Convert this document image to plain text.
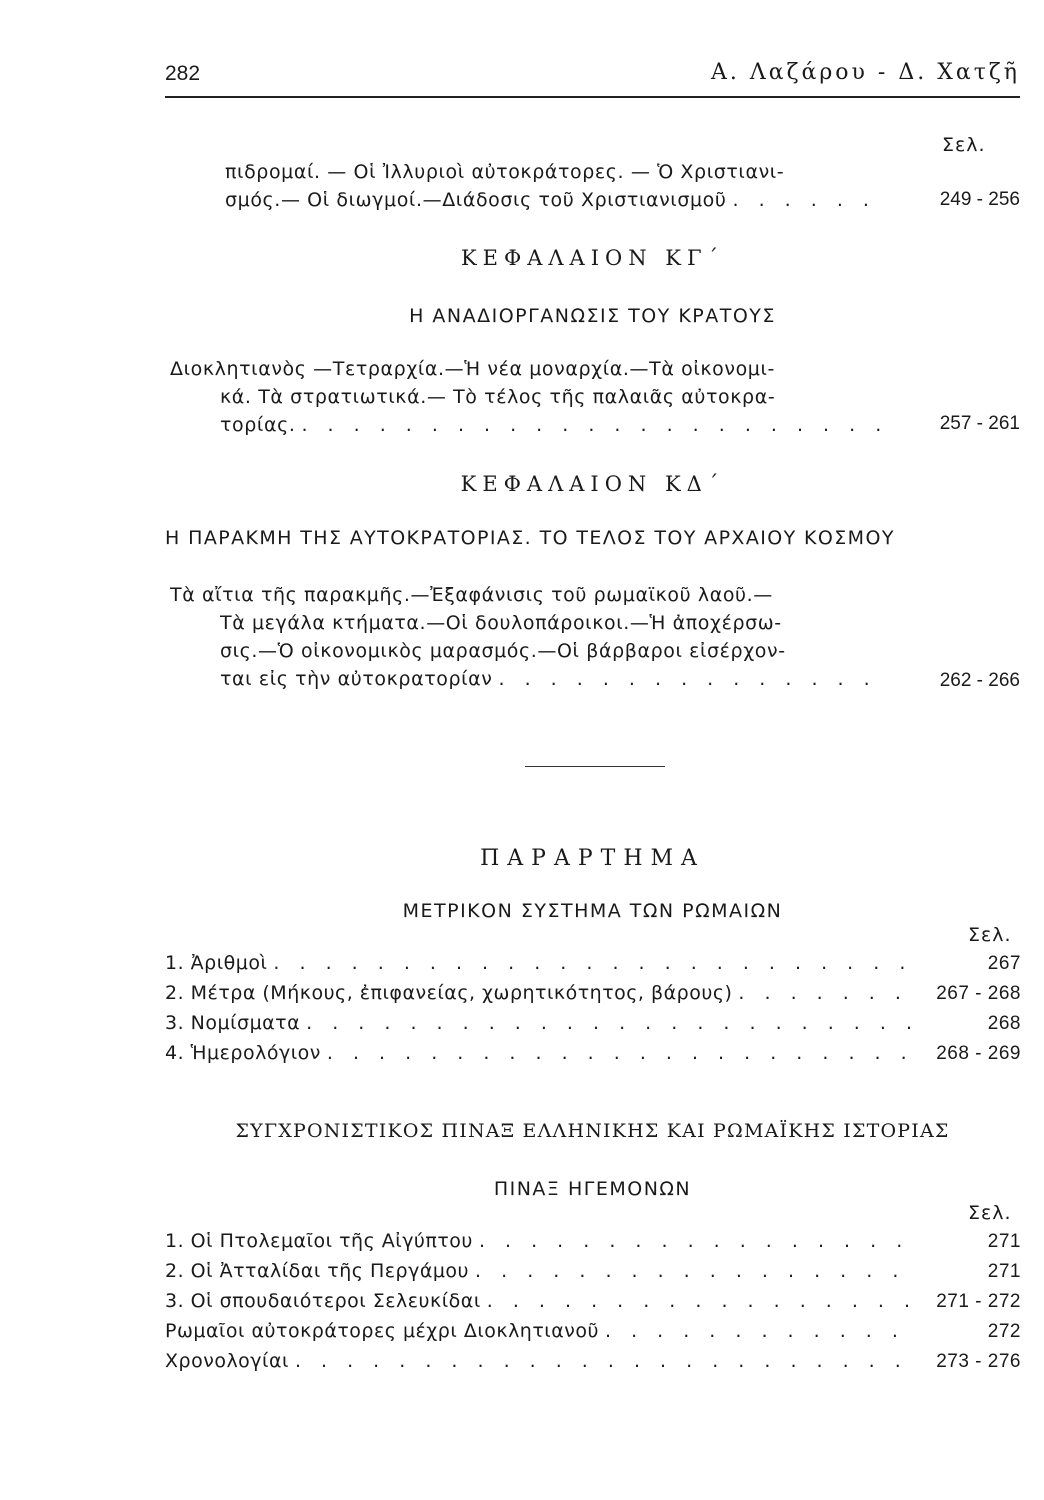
282	Α. Λαζάρου - Δ. Χατζῆ
Σελ.
πιδρομαί. — Οἱ Ἰλλυριοὶ αὐτοκράτορες. — Ὁ Χριστιανι-
σμός.— Οἱ διωγμοί.—Διάδοσις τοῦ Χριστιανισμοῦ . . .	249 - 256
ΚΕΦΑΛΑΙΟΝ ΚΓ΄
Η ΑΝΑΔΙΟΡΓΑΝΩΣΙΣ ΤΟΥ ΚΡΑΤΟΥΣ
Διοκλητιανὸς —Τετραρχία.—Ἡ νέα μοναρχία.—Τὰ οἰκονομι-
κά. Τὰ στρατιωτικά.— Τὸ τέλος τῆς παλαιᾶς αὐτοκρα-
τορίας. . . .	257 - 261
ΚΕΦΑΛΑΙΟΝ ΚΔ΄
Η ΠΑΡΑΚΜΗ ΤΗΣ ΑΥΤΟΚΡΑΤΟΡΙΑΣ. ΤΟ ΤΕΛΟΣ ΤΟΥ ΑΡΧΑΙΟΥ ΚΟΣΜΟΥ
Τὰ αἴτια τῆς παρακμῆς.—Ἐξαφάνισις τοῦ ρωμαϊκοῦ λαοῦ.—
Τὰ μεγάλα κτήματα.—Οἱ δουλοπάροικοι.—Ἡ ἀποχέρσω-
σις.—Ὁ οἰκονομικὸς μαρασμός.—Οἱ βάρβαροι εἰσέρχον-
ται εἰς τὴν αὐτοκρατορίαν . . .	262 - 266
ΠΑΡΑΡΤΗΜΑ
ΜΕΤΡΙΚΟΝ ΣΥΣΤΗΜΑ ΤΩΝ ΡΩΜΑΙΩΝ
Σελ.
1. Ἀριθμοὶ . . .	267
2. Μέτρα (Μήκους, ἐπιφανείας, χωρητικότητος, βάρους) . . .	267 - 268
3. Νομίσματα . . .	268
4. Ἡμερολόγιον . . .	268 - 269
ΣΥΓΧΡΟΝΙΣΤΙΚΟΣ ΠΙΝΑΞ ΕΛΛΗΝΙΚΗΣ ΚΑΙ ΡΩΜΑΪΚΗΣ ΙΣΤΟΡΙΑΣ
ΠΙΝΑΞ ΗΓΕΜΟΝΩΝ
Σελ.
1. Οἱ Πτολεμαῖοι τῆς Αἰγύπτου . . .	271
2. Οἱ Ἀτταλίδαι τῆς Περγάμου . . .	271
3. Οἱ σπουδαιότεροι Σελευκίδαι . . .	271 - 272
Ρωμαῖοι αὐτοκράτορες μέχρι Διοκλητιανοῦ . . .	272
Χρονολογίαι . . .	273 - 276
